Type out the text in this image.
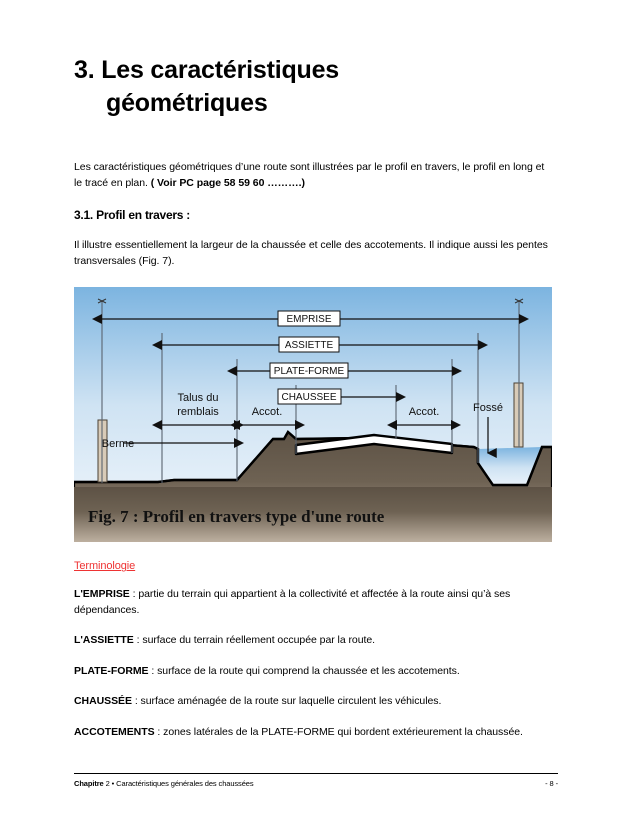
3. Les caractéristiques
géométriques

Les caractéristiques géométriques d’une route sont illustrées par le profil en travers, le profil en long et le tracé en plan. ( Voir PC page 58 59 60 ……….)

3.1. Profil en travers :

Il illustre essentiellement la largeur de la chaussée et celle des accotements. Il indique aussi les pentes transversales (Fig. 7).

EMPRISE
ASSIETTE
PLATE-FORME
CHAUSSEE
Talus du
remblais	Accot.	Accot.
Berme
Fossé
Fig. 7 : Profil en travers type d'une route
Terminologie

L'EMPRISE : partie du terrain qui appartient à la collectivité et affectée à la route ainsi qu’à ses dépendances.

L'ASSIETTE : surface du terrain réellement occupée par la route.

PLATE-FORME : surface de la route qui comprend la chaussée et les accotements.

CHAUSSÉE : surface aménagée de la route sur laquelle circulent les véhicules.

ACCOTEMENTS : zones latérales de la PLATE-FORME qui bordent extérieurement la chaussée.

Chapitre 2 • Caractéristiques générales des chaussées	- 8 -
